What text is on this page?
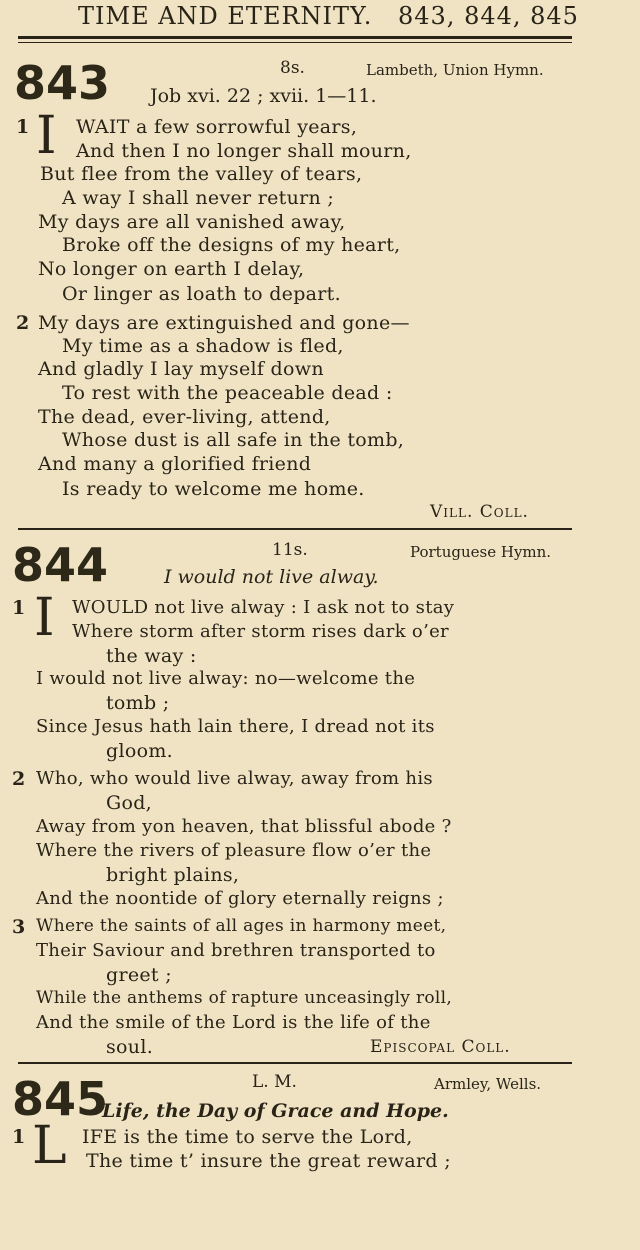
TIME AND ETERNITY. 843, 844, 845
843	8s.	Lambeth, Union Hymn.
Job xvi. 22 ; xvii. 1—11.
1 I WAIT a few sorrowful years,
And then I no longer shall mourn,
But flee from the valley of tears,
A way I shall never return ;
My days are all vanished away,
Broke off the designs of my heart,
No longer on earth I delay,
Or linger as loath to depart.
2 My days are extinguished and gone—
My time as a shadow is fled,
And gladly I lay myself down
To rest with the peaceable dead :
The dead, ever-living, attend,
Whose dust is all safe in the tomb,
And many a glorified friend
Is ready to welcome me home.
Vill. Coll.
844	11s.	Portuguese Hymn.
I would not live alway.
1 I WOULD not live alway : I ask not to stay
Where storm after storm rises dark o’er
the way :
I would not live alway: no—welcome the
tomb ;
Since Jesus hath lain there, I dread not its
gloom.
2 Who, who would live alway, away from his
God,
Away from yon heaven, that blissful abode ?
Where the rivers of pleasure flow o’er the
bright plains,
And the noontide of glory eternally reigns ;
3 Where the saints of all ages in harmony meet,
Their Saviour and brethren transported to
greet ;
While the anthems of rapture unceasingly roll,
And the smile of the Lord is the life of the
soul.	Episcopal Coll.
845	L. M.	Armley, Wells.
Life, the Day of Grace and Hope.
1 L IFE is the time to serve the Lord,
The time t’ insure the great reward ;
